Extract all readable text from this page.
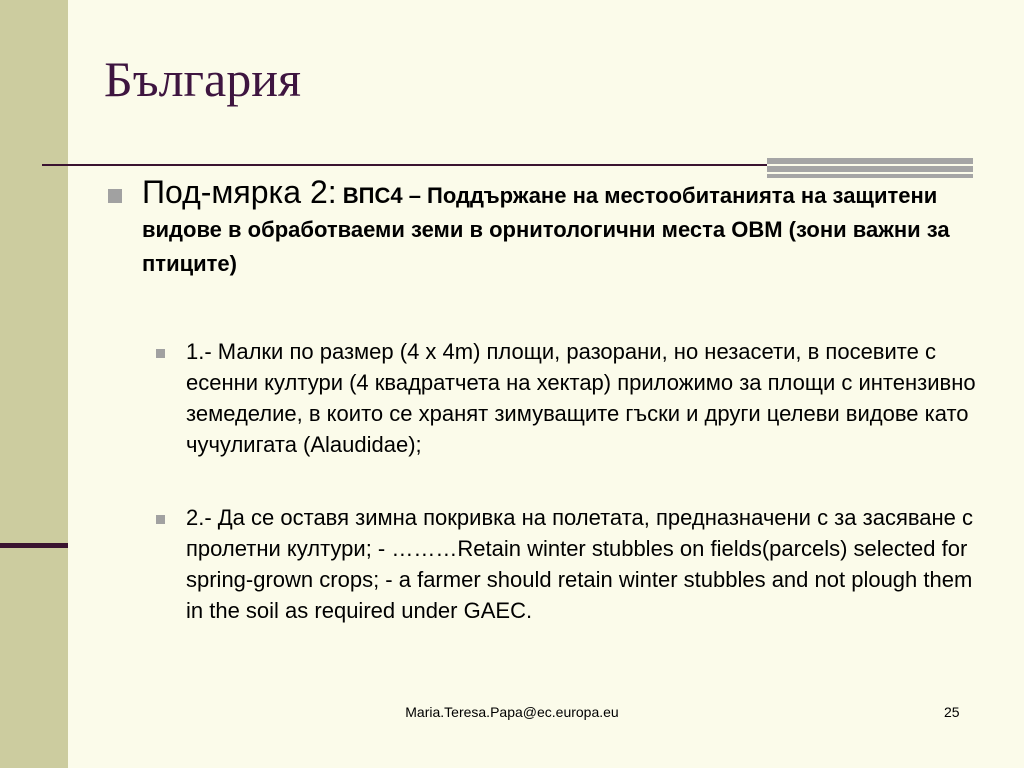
България
Под-мярка 2: ВПС4 – Поддържане на местообитанията на защитени видове в обработваеми земи в орнитологични места ОВМ (зони важни за птиците)
1.- Малки по размер (4 x 4m) площи, разорани, но незасети, в посевите с есенни култури (4 квадратчета на хектар) приложимо за площи с интензивно земеделие, в които се хранят зимуващите гъски и други целеви видове като чучулигата (Alaudidae);
2.- Да се оставя зимна покривка на полетата, предназначени с за засяване с пролетни култури; - ………Retain winter stubbles on fields(parcels) selected for spring-grown crops; - a farmer should retain winter stubbles and not plough them in the soil as required under GAEC.
Maria.Teresa.Papa@ec.europa.eu	25
